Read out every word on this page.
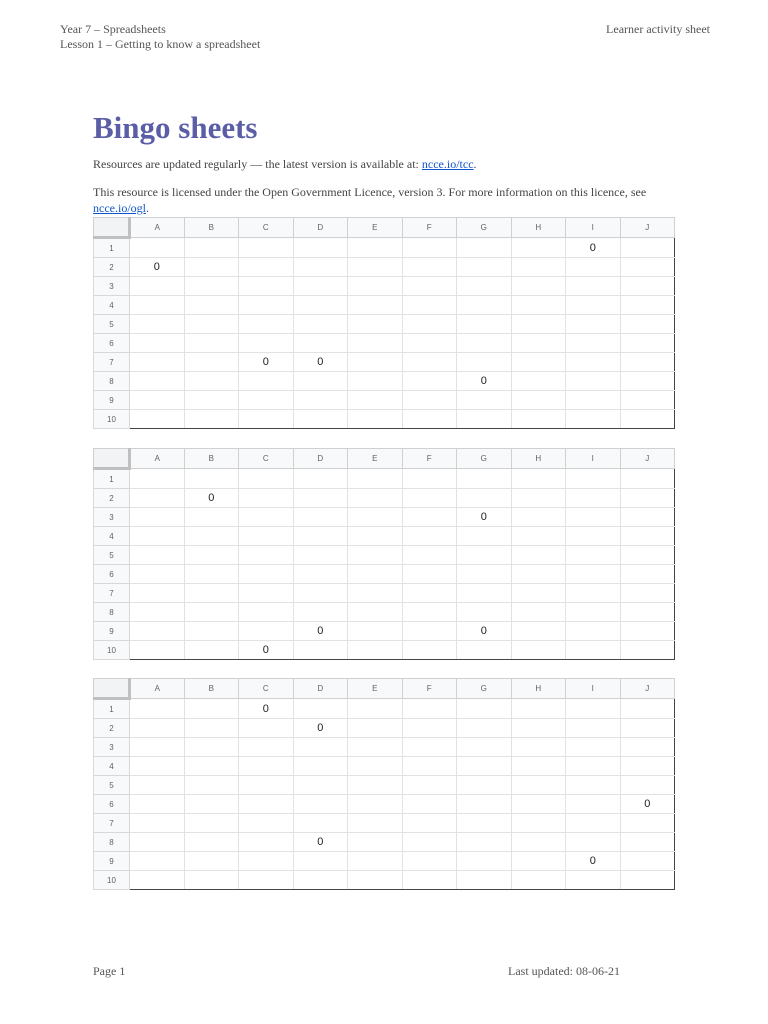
Year 7 – Spreadsheets
Lesson 1 – Getting to know a spreadsheet
Learner activity sheet
Bingo sheets

Resources are updated regularly — the latest version is available at: ncce.io/tcc.

This resource is licensed under the Open Government Licence, version 3. For more information on this licence, see ncce.io/ogl.

	A	B	C	D	E	F	G	H	I	J
1									0	
2	0									
3										
4										
5										
6										
7			0	0						
8							0			
9										
10										
	A	B	C	D	E	F	G	H	I	J
1										
2		0								
3							0			
4										
5										
6										
7										
8										
9				0			0			
10			0							
	A	B	C	D	E	F	G	H	I	J
1			0							
2				0						
3										
4										
5										
6										0
7										
8				0						
9									0	
10										
Page 1	Last updated: 08-06-21
